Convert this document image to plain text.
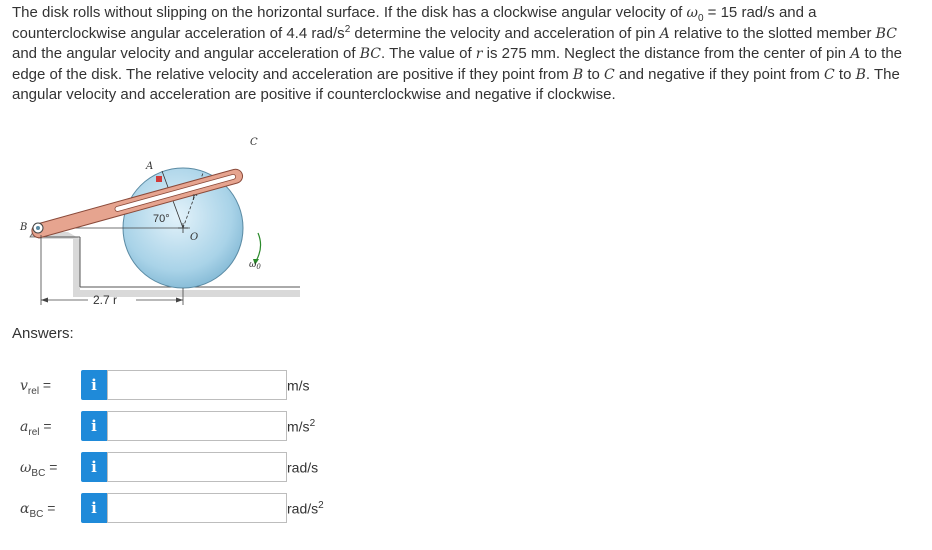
The disk rolls without slipping on the horizontal surface. If the disk has a clockwise angular velocity of $\omega_0 = 15$ rad/s and a counterclockwise angular acceleration of 4.4 rad/$s^2$ determine the velocity and acceleration of pin A relative to the slotted member BC and the angular velocity and angular acceleration of BC. The value of r is 275 mm. Neglect the distance from the center of pin A to the edge of the disk. The relative velocity and acceleration are positive if they point from B to C and negative if they point from C to B. The angular velocity and acceleration are positive if counterclockwise and negative if clockwise.
A
B
C
O
r
70°
$\omega_0$
2.7 r
Answers:
$v_{rel}$ =	i	m/s
$a_{rel}$ =	i	$m/s^2$
$\omega_{BC}$ =	i	rad/s
$\alpha_{BC}$ =	i	rad/$s^2$
